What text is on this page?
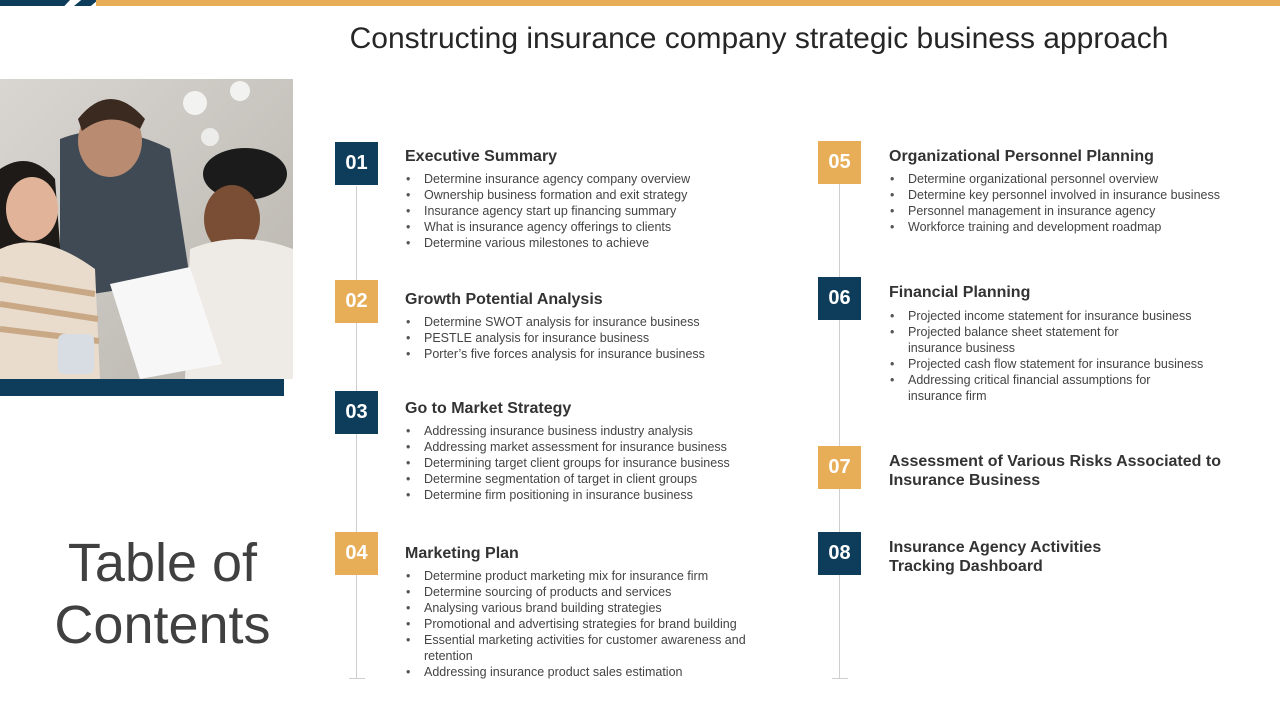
Constructing insurance company strategic business approach
Table of Contents
01	Executive Summary
• Determine insurance agency company overview
• Ownership business formation and exit strategy
• Insurance agency start up financing summary
• What is insurance agency offerings to clients
• Determine various milestones to achieve
02	Growth Potential Analysis
• Determine SWOT analysis for insurance business
• PESTLE analysis for insurance business
• Porter’s five forces analysis for insurance business
03	Go to Market Strategy
• Addressing insurance business industry analysis
• Addressing market assessment for insurance business
• Determining target client groups for insurance business
• Determine segmentation of target in client groups
• Determine firm positioning in insurance business
04	Marketing Plan
• Determine product marketing mix for insurance firm
• Determine sourcing of products and services
• Analysing various brand building strategies
• Promotional and advertising strategies for brand building
• Essential marketing activities for customer awareness and retention
• Addressing insurance product sales estimation
05	Organizational Personnel Planning
• Determine organizational personnel overview
• Determine key personnel involved in insurance business
• Personnel management in insurance agency
• Workforce training and development roadmap
06	Financial Planning
• Projected income statement for insurance business
• Projected balance sheet statement for insurance business
• Projected cash flow statement for insurance business
• Addressing critical financial assumptions for insurance firm
07	Assessment of Various Risks Associated to Insurance Business
08	Insurance Agency Activities Tracking Dashboard
